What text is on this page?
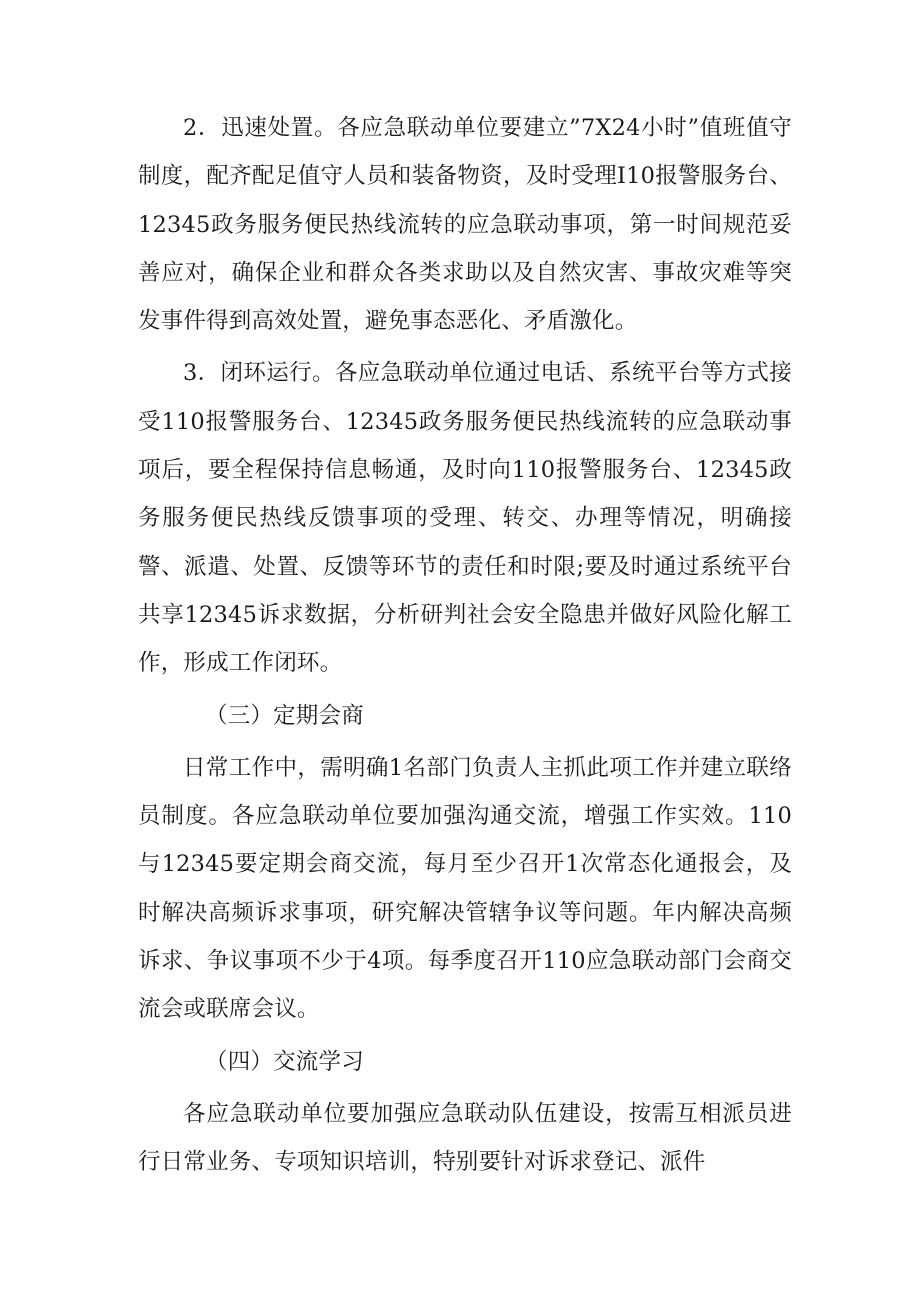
2．迅速处置。各应急联动单位要建立”7X24小时”值班值守制度，配齐配足值守人员和装备物资，及时受理I10报警服务台、12345政务服务便民热线流转的应急联动事项，第一时间规范妥善应对，确保企业和群众各类求助以及自然灾害、事故灾难等突发事件得到高效处置，避免事态恶化、矛盾激化。

3．闭环运行。各应急联动单位通过电话、系统平台等方式接受110报警服务台、12345政务服务便民热线流转的应急联动事项后，要全程保持信息畅通，及时向110报警服务台、12345政务服务便民热线反馈事项的受理、转交、办理等情况，明确接警、派遣、处置、反馈等环节的责任和时限;要及时通过系统平台共享12345诉求数据，分析研判社会安全隐患并做好风险化解工作，形成工作闭环。

（三）定期会商

日常工作中，需明确1名部门负责人主抓此项工作并建立联络员制度。各应急联动单位要加强沟通交流，增强工作实效。110与12345要定期会商交流，每月至少召开1次常态化通报会，及时解决高频诉求事项，研究解决管辖争议等问题。年内解决高频诉求、争议事项不少于4项。每季度召开110应急联动部门会商交流会或联席会议。

（四）交流学习

各应急联动单位要加强应急联动队伍建设，按需互相派员进行日常业务、专项知识培训，特别要针对诉求登记、派件
